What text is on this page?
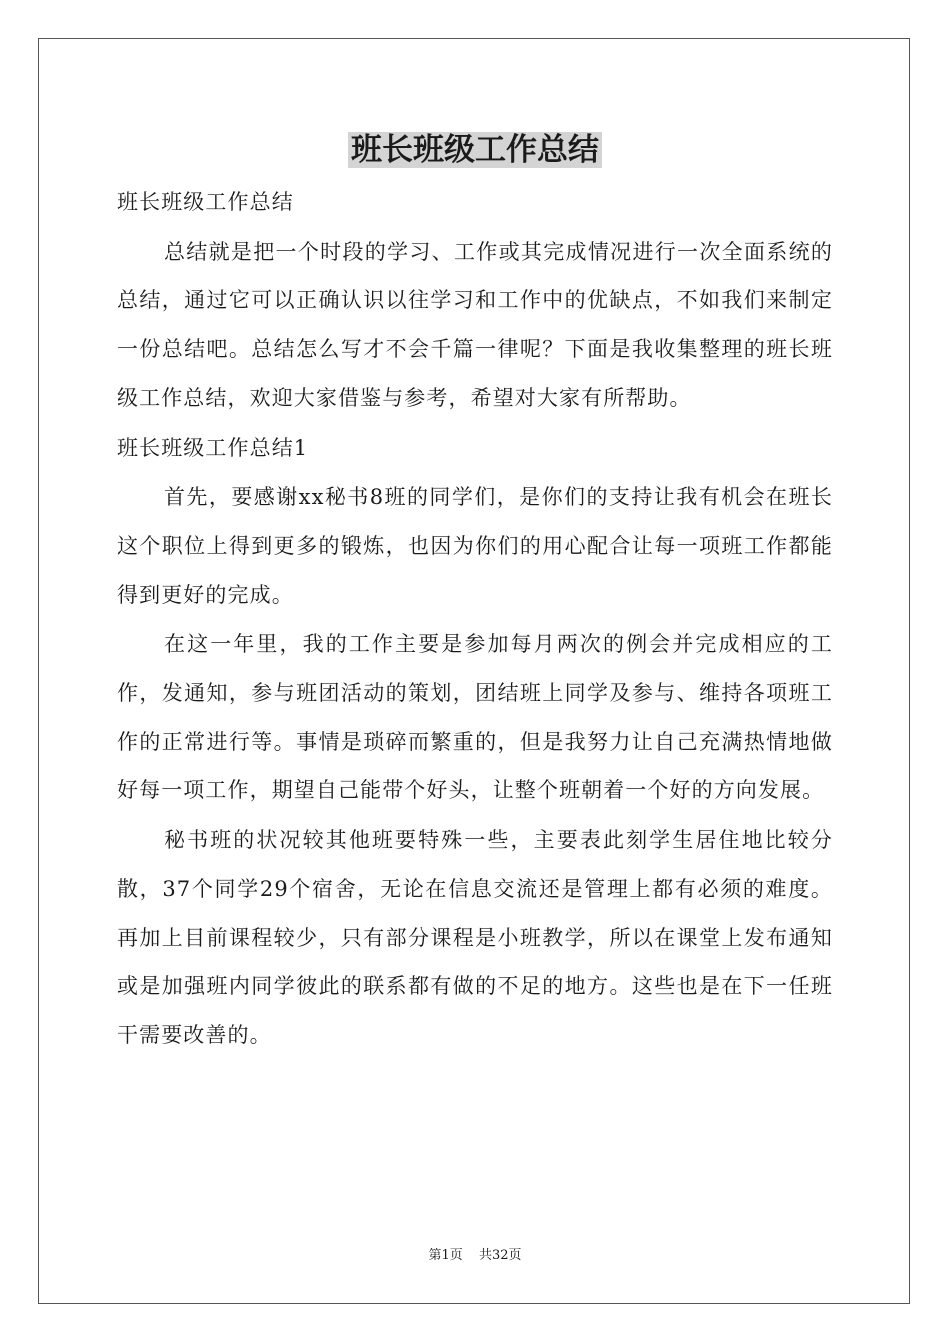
班长班级工作总结

班长班级工作总结

总结就是把一个时段的学习、工作或其完成情况进行一次全面系统的总结，通过它可以正确认识以往学习和工作中的优缺点，不如我们来制定一份总结吧。总结怎么写才不会千篇一律呢？下面是我收集整理的班长班级工作总结，欢迎大家借鉴与参考，希望对大家有所帮助。

班长班级工作总结1

首先，要感谢xx秘书8班的同学们，是你们的支持让我有机会在班长这个职位上得到更多的锻炼，也因为你们的用心配合让每一项班工作都能得到更好的完成。

在这一年里，我的工作主要是参加每月两次的例会并完成相应的工作，发通知，参与班团活动的策划，团结班上同学及参与、维持各项班工作的正常进行等。事情是琐碎而繁重的，但是我努力让自己充满热情地做好每一项工作，期望自己能带个好头，让整个班朝着一个好的方向发展。

秘书班的状况较其他班要特殊一些，主要表此刻学生居住地比较分散，37个同学29个宿舍，无论在信息交流还是管理上都有必须的难度。再加上目前课程较少，只有部分课程是小班教学，所以在课堂上发布通知或是加强班内同学彼此的联系都有做的不足的地方。这些也是在下一任班干需要改善的。

第1页 共32页
